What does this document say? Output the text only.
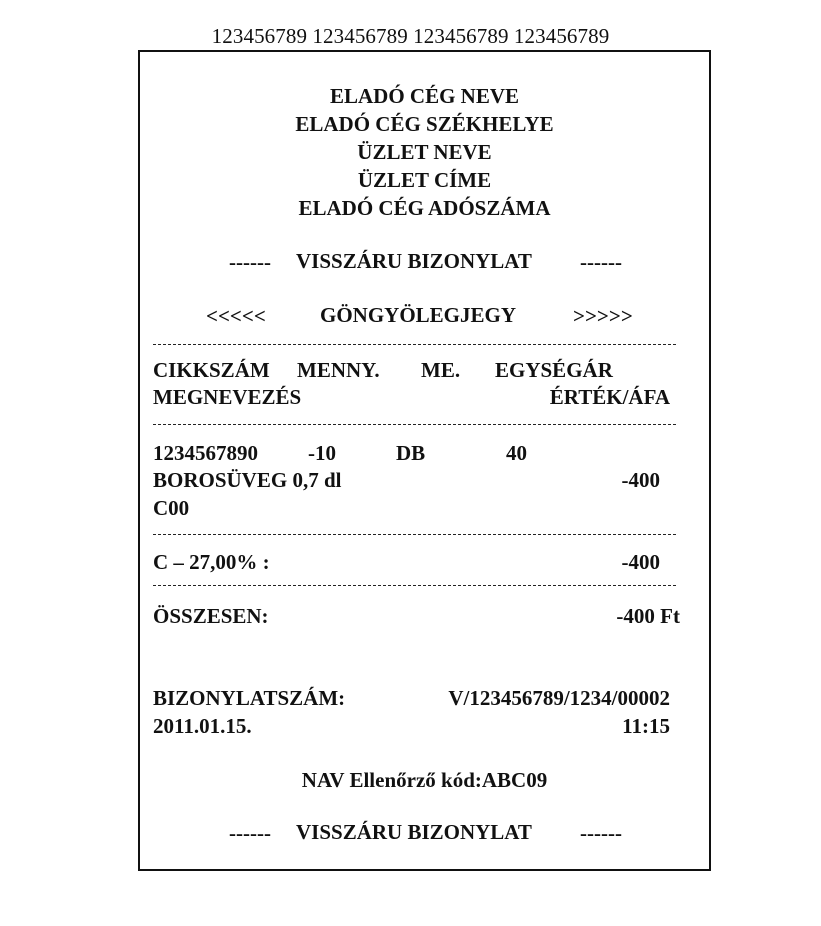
123456789 123456789 123456789 123456789
ELADÓ CÉG NEVE
ELADÓ CÉG SZÉKHELYE
ÜZLET NEVE
ÜZLET CÍME
ELADÓ CÉG ADÓSZÁMA
------ VISSZÁRU BIZONYLAT ------
<<<<<	GÖNGYÖLEGJEGY	>>>>>
CIKKSZÁM MENNY. ME. EGYSÉGÁR
MEGNEVEZÉS	ÉRTÉK/ÁFA
1234567890 -10	DB	40
BOROSÜVEG 0,7 dl	-400
C00
C – 27,00% :	-400
ÖSSZESEN:	-400 Ft
BIZONYLATSZÁM:	V/123456789/1234/00002
2011.01.15.	11:15
NAV Ellenőrző kód:ABC09
------ VISSZÁRU BIZONYLAT ------
